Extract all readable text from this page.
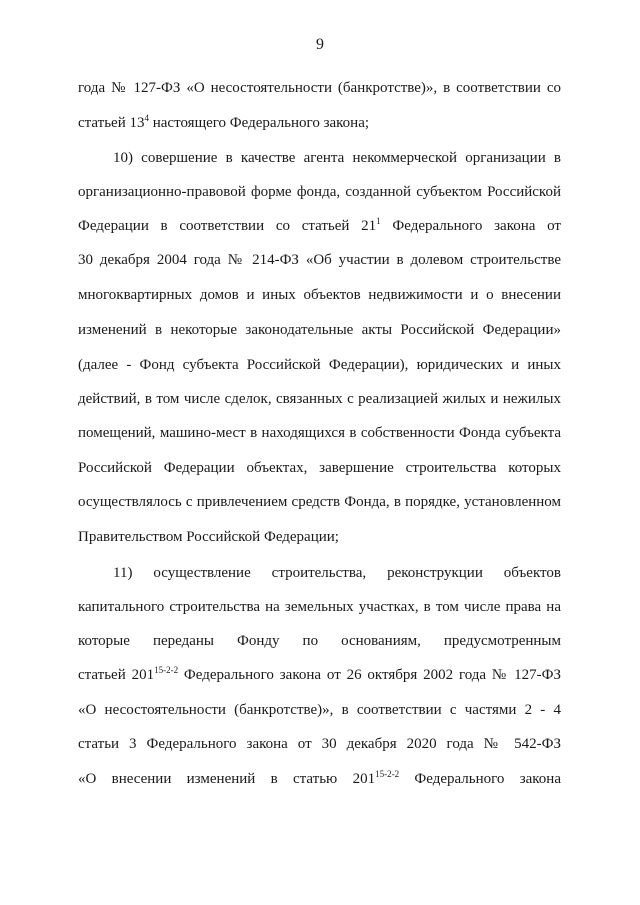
9
года № 127-ФЗ «О несостоятельности (банкротстве)», в соответствии со
статьей $13^4$ настоящего Федерального закона;
10) совершение в качестве агента некоммерческой организации в
организационно-правовой форме фонда, созданной субъектом Российской
Федерации в соответствии со статьей $21^1$ Федерального закона от
30 декабря 2004 года № 214-ФЗ «Об участии в долевом строительстве
многоквартирных домов и иных объектов недвижимости и о внесении
изменений в некоторые законодательные акты Российской Федерации»
(далее - Фонд субъекта Российской Федерации), юридических и иных
действий, в том числе сделок, связанных с реализацией жилых и нежилых
помещений, машино-мест в находящихся в собственности Фонда субъекта
Российской Федерации объектах, завершение строительства которых
осуществлялось с привлечением средств Фонда, в порядке, установленном
Правительством Российской Федерации;
11) осуществление строительства, реконструкции объектов
капитального строительства на земельных участках, в том числе права на
которые переданы Фонду по основаниям, предусмотренным
статьей 201$^{15-2-2}$ Федерального закона от 26 октября 2002 года № 127-ФЗ
«О несостоятельности (банкротстве)», в соответствии с частями 2 - 4
статьи 3 Федерального закона от 30 декабря 2020 года № 542-ФЗ
«О внесении изменений в статью 201$^{15-2-2}$ Федерального закона
